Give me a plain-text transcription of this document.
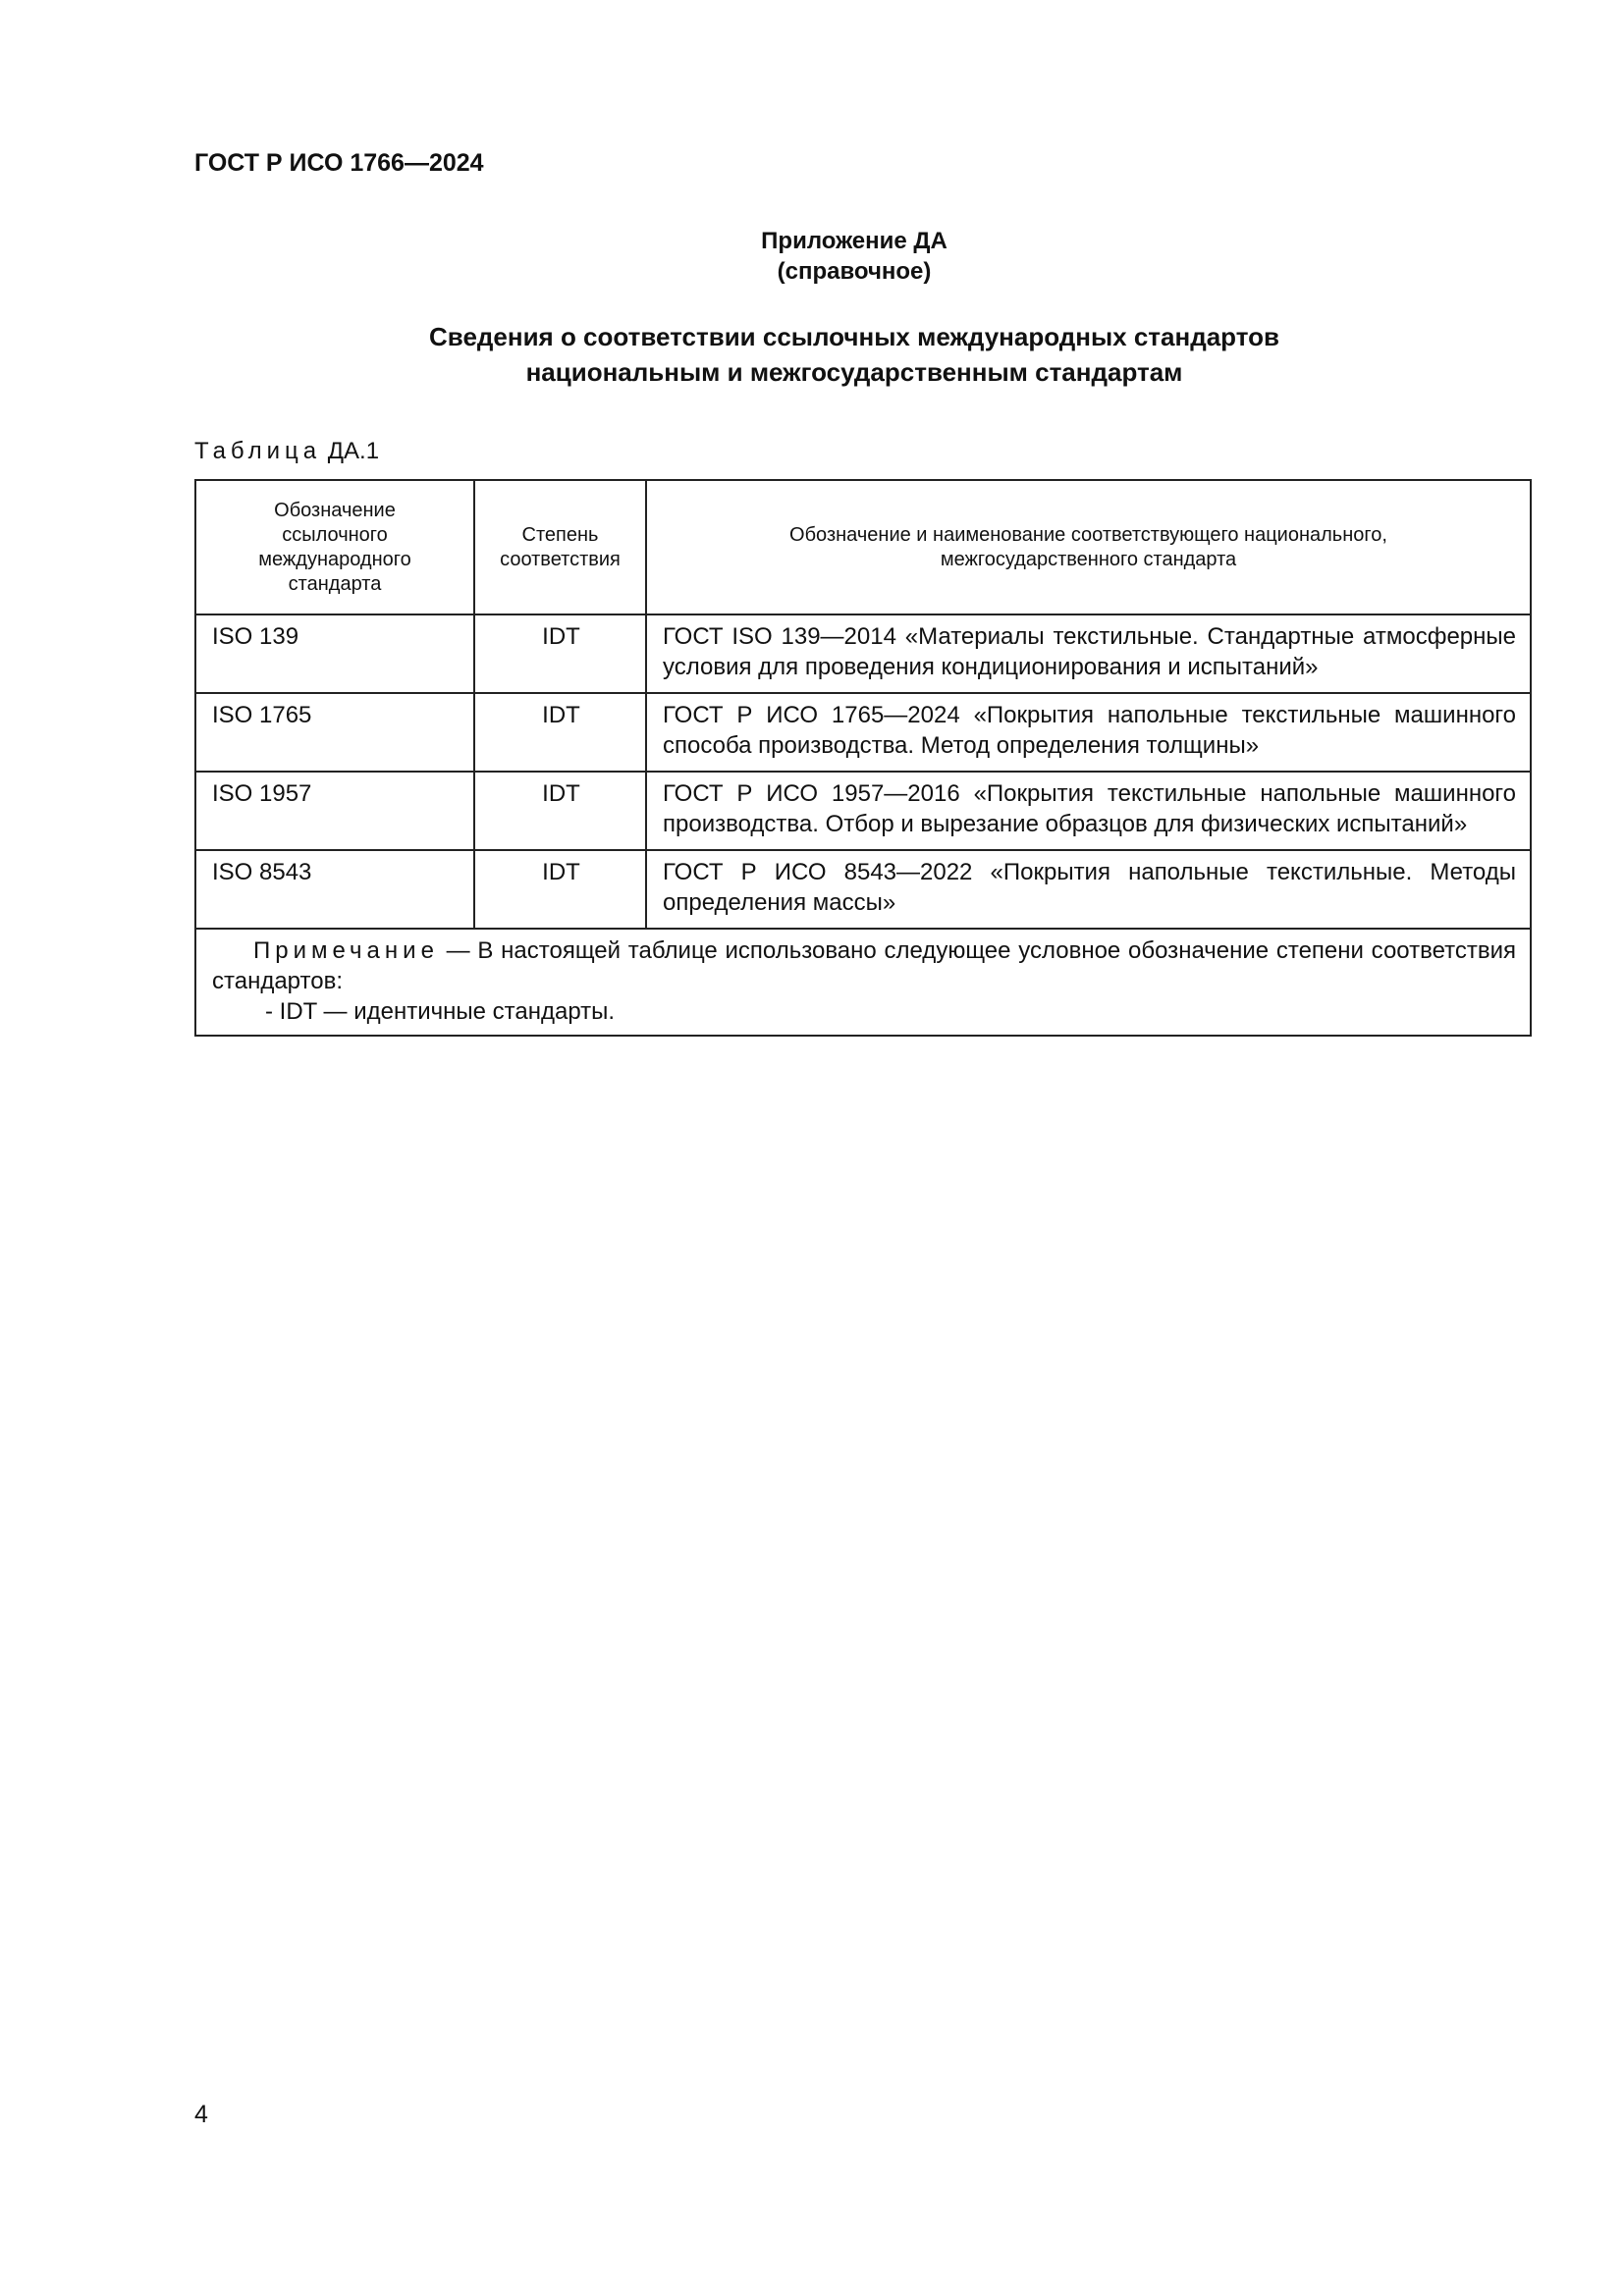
ГОСТ Р ИСО 1766—2024
Приложение ДА
(справочное)
Сведения о соответствии ссылочных международных стандартов
национальным и межгосударственным стандартам
Таблица ДА.1
Обозначение ссылочного международного стандарта	Степень соответствия	Обозначение и наименование соответствующего национального, межгосударственного стандарта
ISO 139	IDT	ГОСТ ISO 139—2014 «Материалы текстильные. Стандартные атмосферные условия для проведения кондиционирования и испытаний»
ISO 1765	IDT	ГОСТ Р ИСО 1765—2024 «Покрытия напольные текстильные машинного способа производства. Метод определения толщины»
ISO 1957	IDT	ГОСТ Р ИСО 1957—2016 «Покрытия текстильные напольные машинного производства. Отбор и вырезание образцов для физических испытаний»
ISO 8543	IDT	ГОСТ Р ИСО 8543—2022 «Покрытия напольные текстильные. Методы определения массы»

Примечание — В настоящей таблице использовано следующее условное обозначение степени соответствия стандартов:
- IDT — идентичные стандарты.		
4
